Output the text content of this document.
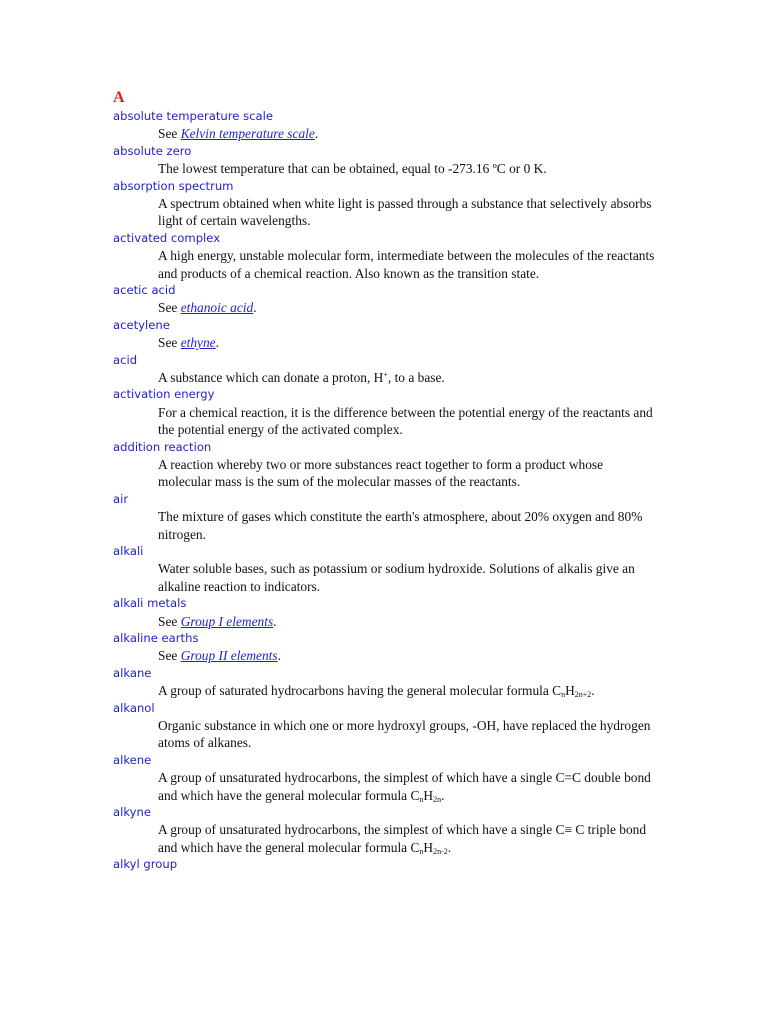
A
absolute temperature scale
See Kelvin temperature scale.
absolute zero
The lowest temperature that can be obtained, equal to -273.16 ºC or 0 K.
absorption spectrum
A spectrum obtained when white light is passed through a substance that selectively absorbs light of certain wavelengths.
activated complex
A high energy, unstable molecular form, intermediate between the molecules of the reactants and products of a chemical reaction. Also known as the transition state.
acetic acid
See ethanoic acid.
acetylene
See ethyne.
acid
A substance which can donate a proton, H+, to a base.
activation energy
For a chemical reaction, it is the difference between the potential energy of the reactants and the potential energy of the activated complex.
addition reaction
A reaction whereby two or more substances react together to form a product whose molecular mass is the sum of the molecular masses of the reactants.
air
The mixture of gases which constitute the earth's atmosphere, about 20% oxygen and 80% nitrogen.
alkali
Water soluble bases, such as potassium or sodium hydroxide. Solutions of alkalis give an alkaline reaction to indicators.
alkali metals
See Group I elements.
alkaline earths
See Group II elements.
alkane
A group of saturated hydrocarbons having the general molecular formula $C_nH_{2n+2}$.
alkanol
Organic substance in which one or more hydroxyl groups, -OH, have replaced the hydrogen atoms of alkanes.
alkene
A group of unsaturated hydrocarbons, the simplest of which have a single C=C double bond and which have the general molecular formula $C_nH_{2n}$.
alkyne
A group of unsaturated hydrocarbons, the simplest of which have a single C≡ C triple bond and which have the general molecular formula $C_nH_{2n-2}$.
alkyl group
